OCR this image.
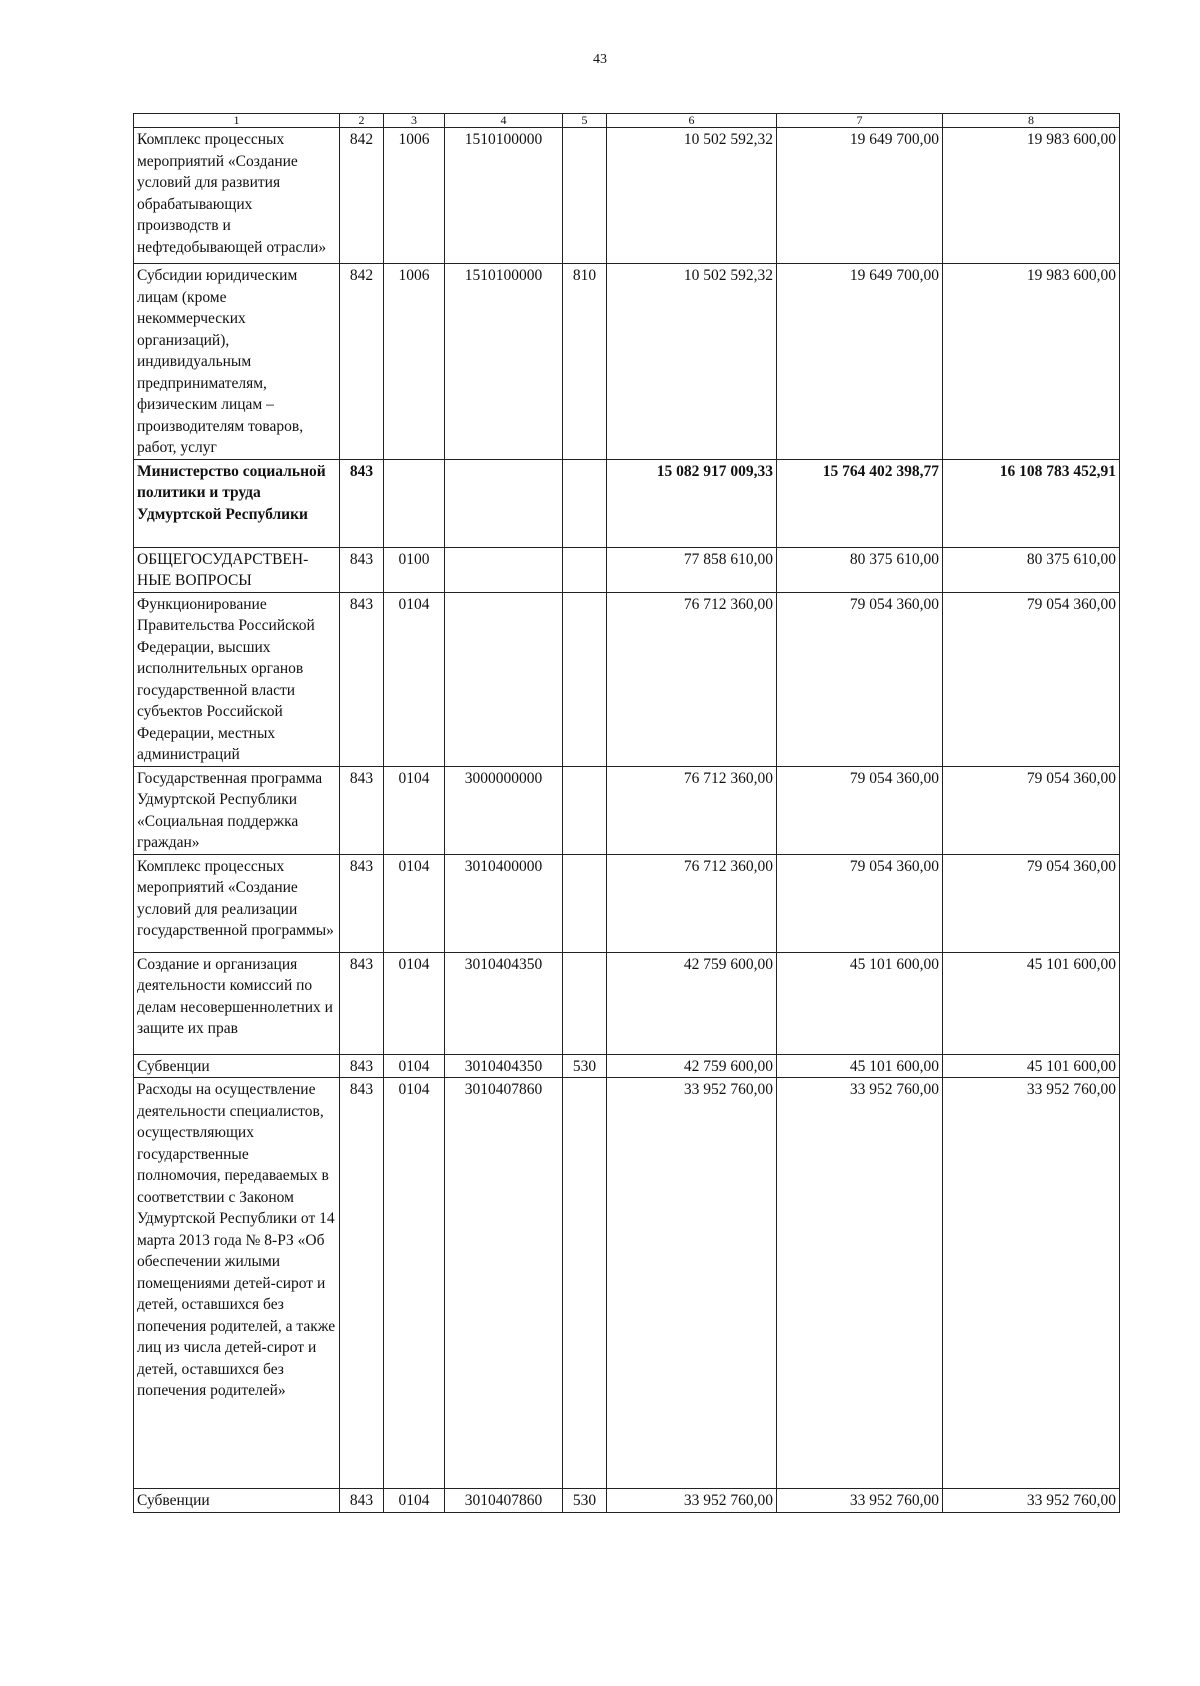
43
1	2	3	4	5	6	7	8
Комплекс процессных мероприятий «Создание условий для развития обрабатывающих производств и нефтедобывающей отрасли»	842	1006	1510100000		10 502 592,32	19 649 700,00	19 983 600,00
Субсидии юридическим лицам (кроме некоммерческих организаций), индивидуальным предпринимателям, физическим лицам – производителям товаров, работ, услуг	842	1006	1510100000	810	10 502 592,32	19 649 700,00	19 983 600,00
Министерство социальной политики и труда Удмуртской Республики	843				15 082 917 009,33	15 764 402 398,77	16 108 783 452,91
ОБЩЕГОСУДАРСТВЕН-НЫЕ ВОПРОСЫ	843	0100			77 858 610,00	80 375 610,00	80 375 610,00
Функционирование Правительства Российской Федерации, высших исполнительных органов государственной власти субъектов Российской Федерации, местных администраций	843	0104			76 712 360,00	79 054 360,00	79 054 360,00
Государственная программа Удмуртской Республики «Социальная поддержка граждан»	843	0104	3000000000		76 712 360,00	79 054 360,00	79 054 360,00
Комплекс процессных мероприятий «Создание условий для реализации государственной программы»	843	0104	3010400000		76 712 360,00	79 054 360,00	79 054 360,00
Создание и организация деятельности комиссий по делам несовершеннолетних и защите их прав	843	0104	3010404350		42 759 600,00	45 101 600,00	45 101 600,00
Субвенции	843	0104	3010404350	530	42 759 600,00	45 101 600,00	45 101 600,00
Расходы на осуществление деятельности специалистов, осуществляющих государственные полномочия, передаваемых в соответствии с Законом Удмуртской Республики от 14 марта 2013 года № 8-РЗ «Об обеспечении жилыми помещениями детей-сирот и детей, оставшихся без попечения родителей, а также лиц из числа детей-сирот и детей, оставшихся без попечения родителей»	843	0104	3010407860		33 952 760,00	33 952 760,00	33 952 760,00
Субвенции	843	0104	3010407860	530	33 952 760,00	33 952 760,00	33 952 760,00
